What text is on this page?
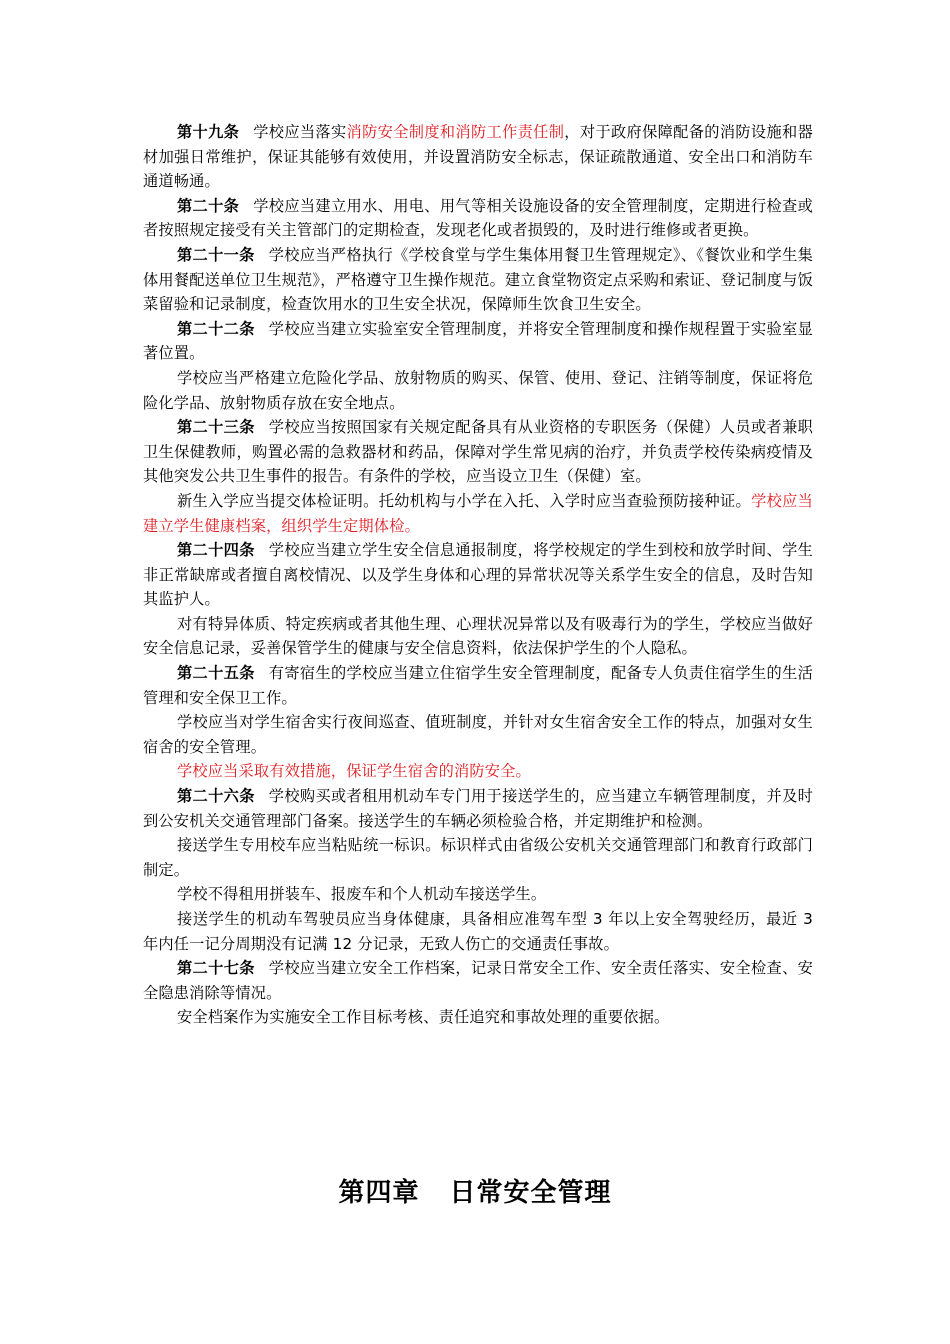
第十九条 学校应当落实消防安全制度和消防工作责任制，对于政府保障配备的消防设施和器材加强日常维护，保证其能够有效使用，并设置消防安全标志，保证疏散通道、安全出口和消防车通道畅通。

第二十条 学校应当建立用水、用电、用气等相关设施设备的安全管理制度，定期进行检查或者按照规定接受有关主管部门的定期检查，发现老化或者损毁的，及时进行维修或者更换。

第二十一条 学校应当严格执行《学校食堂与学生集体用餐卫生管理规定》、《餐饮业和学生集体用餐配送单位卫生规范》，严格遵守卫生操作规范。建立食堂物资定点采购和索证、登记制度与饭菜留验和记录制度，检查饮用水的卫生安全状况，保障师生饮食卫生安全。

第二十二条 学校应当建立实验室安全管理制度，并将安全管理制度和操作规程置于实验室显著位置。

学校应当严格建立危险化学品、放射物质的购买、保管、使用、登记、注销等制度，保证将危险化学品、放射物质存放在安全地点。

第二十三条 学校应当按照国家有关规定配备具有从业资格的专职医务（保健）人员或者兼职卫生保健教师，购置必需的急救器材和药品，保障对学生常见病的治疗，并负责学校传染病疫情及其他突发公共卫生事件的报告。有条件的学校，应当设立卫生（保健）室。

新生入学应当提交体检证明。托幼机构与小学在入托、入学时应当查验预防接种证。学校应当建立学生健康档案，组织学生定期体检。

第二十四条 学校应当建立学生安全信息通报制度，将学校规定的学生到校和放学时间、学生非正常缺席或者擅自离校情况、以及学生身体和心理的异常状况等关系学生安全的信息，及时告知其监护人。

对有特异体质、特定疾病或者其他生理、心理状况异常以及有吸毒行为的学生，学校应当做好安全信息记录，妥善保管学生的健康与安全信息资料，依法保护学生的个人隐私。

第二十五条 有寄宿生的学校应当建立住宿学生安全管理制度，配备专人负责住宿学生的生活管理和安全保卫工作。

学校应当对学生宿舍实行夜间巡查、值班制度，并针对女生宿舍安全工作的特点，加强对女生宿舍的安全管理。

学校应当采取有效措施，保证学生宿舍的消防安全。

第二十六条 学校购买或者租用机动车专门用于接送学生的，应当建立车辆管理制度，并及时到公安机关交通管理部门备案。接送学生的车辆必须检验合格，并定期维护和检测。

接送学生专用校车应当粘贴统一标识。标识样式由省级公安机关交通管理部门和教育行政部门制定。

学校不得租用拼装车、报废车和个人机动车接送学生。

接送学生的机动车驾驶员应当身体健康，具备相应准驾车型 3 年以上安全驾驶经历，最近 3 年内任一记分周期没有记满 12 分记录，无致人伤亡的交通责任事故。

第二十七条 学校应当建立安全工作档案，记录日常安全工作、安全责任落实、安全检查、安全隐患消除等情况。

安全档案作为实施安全工作目标考核、责任追究和事故处理的重要依据。

第四章 日常安全管理
